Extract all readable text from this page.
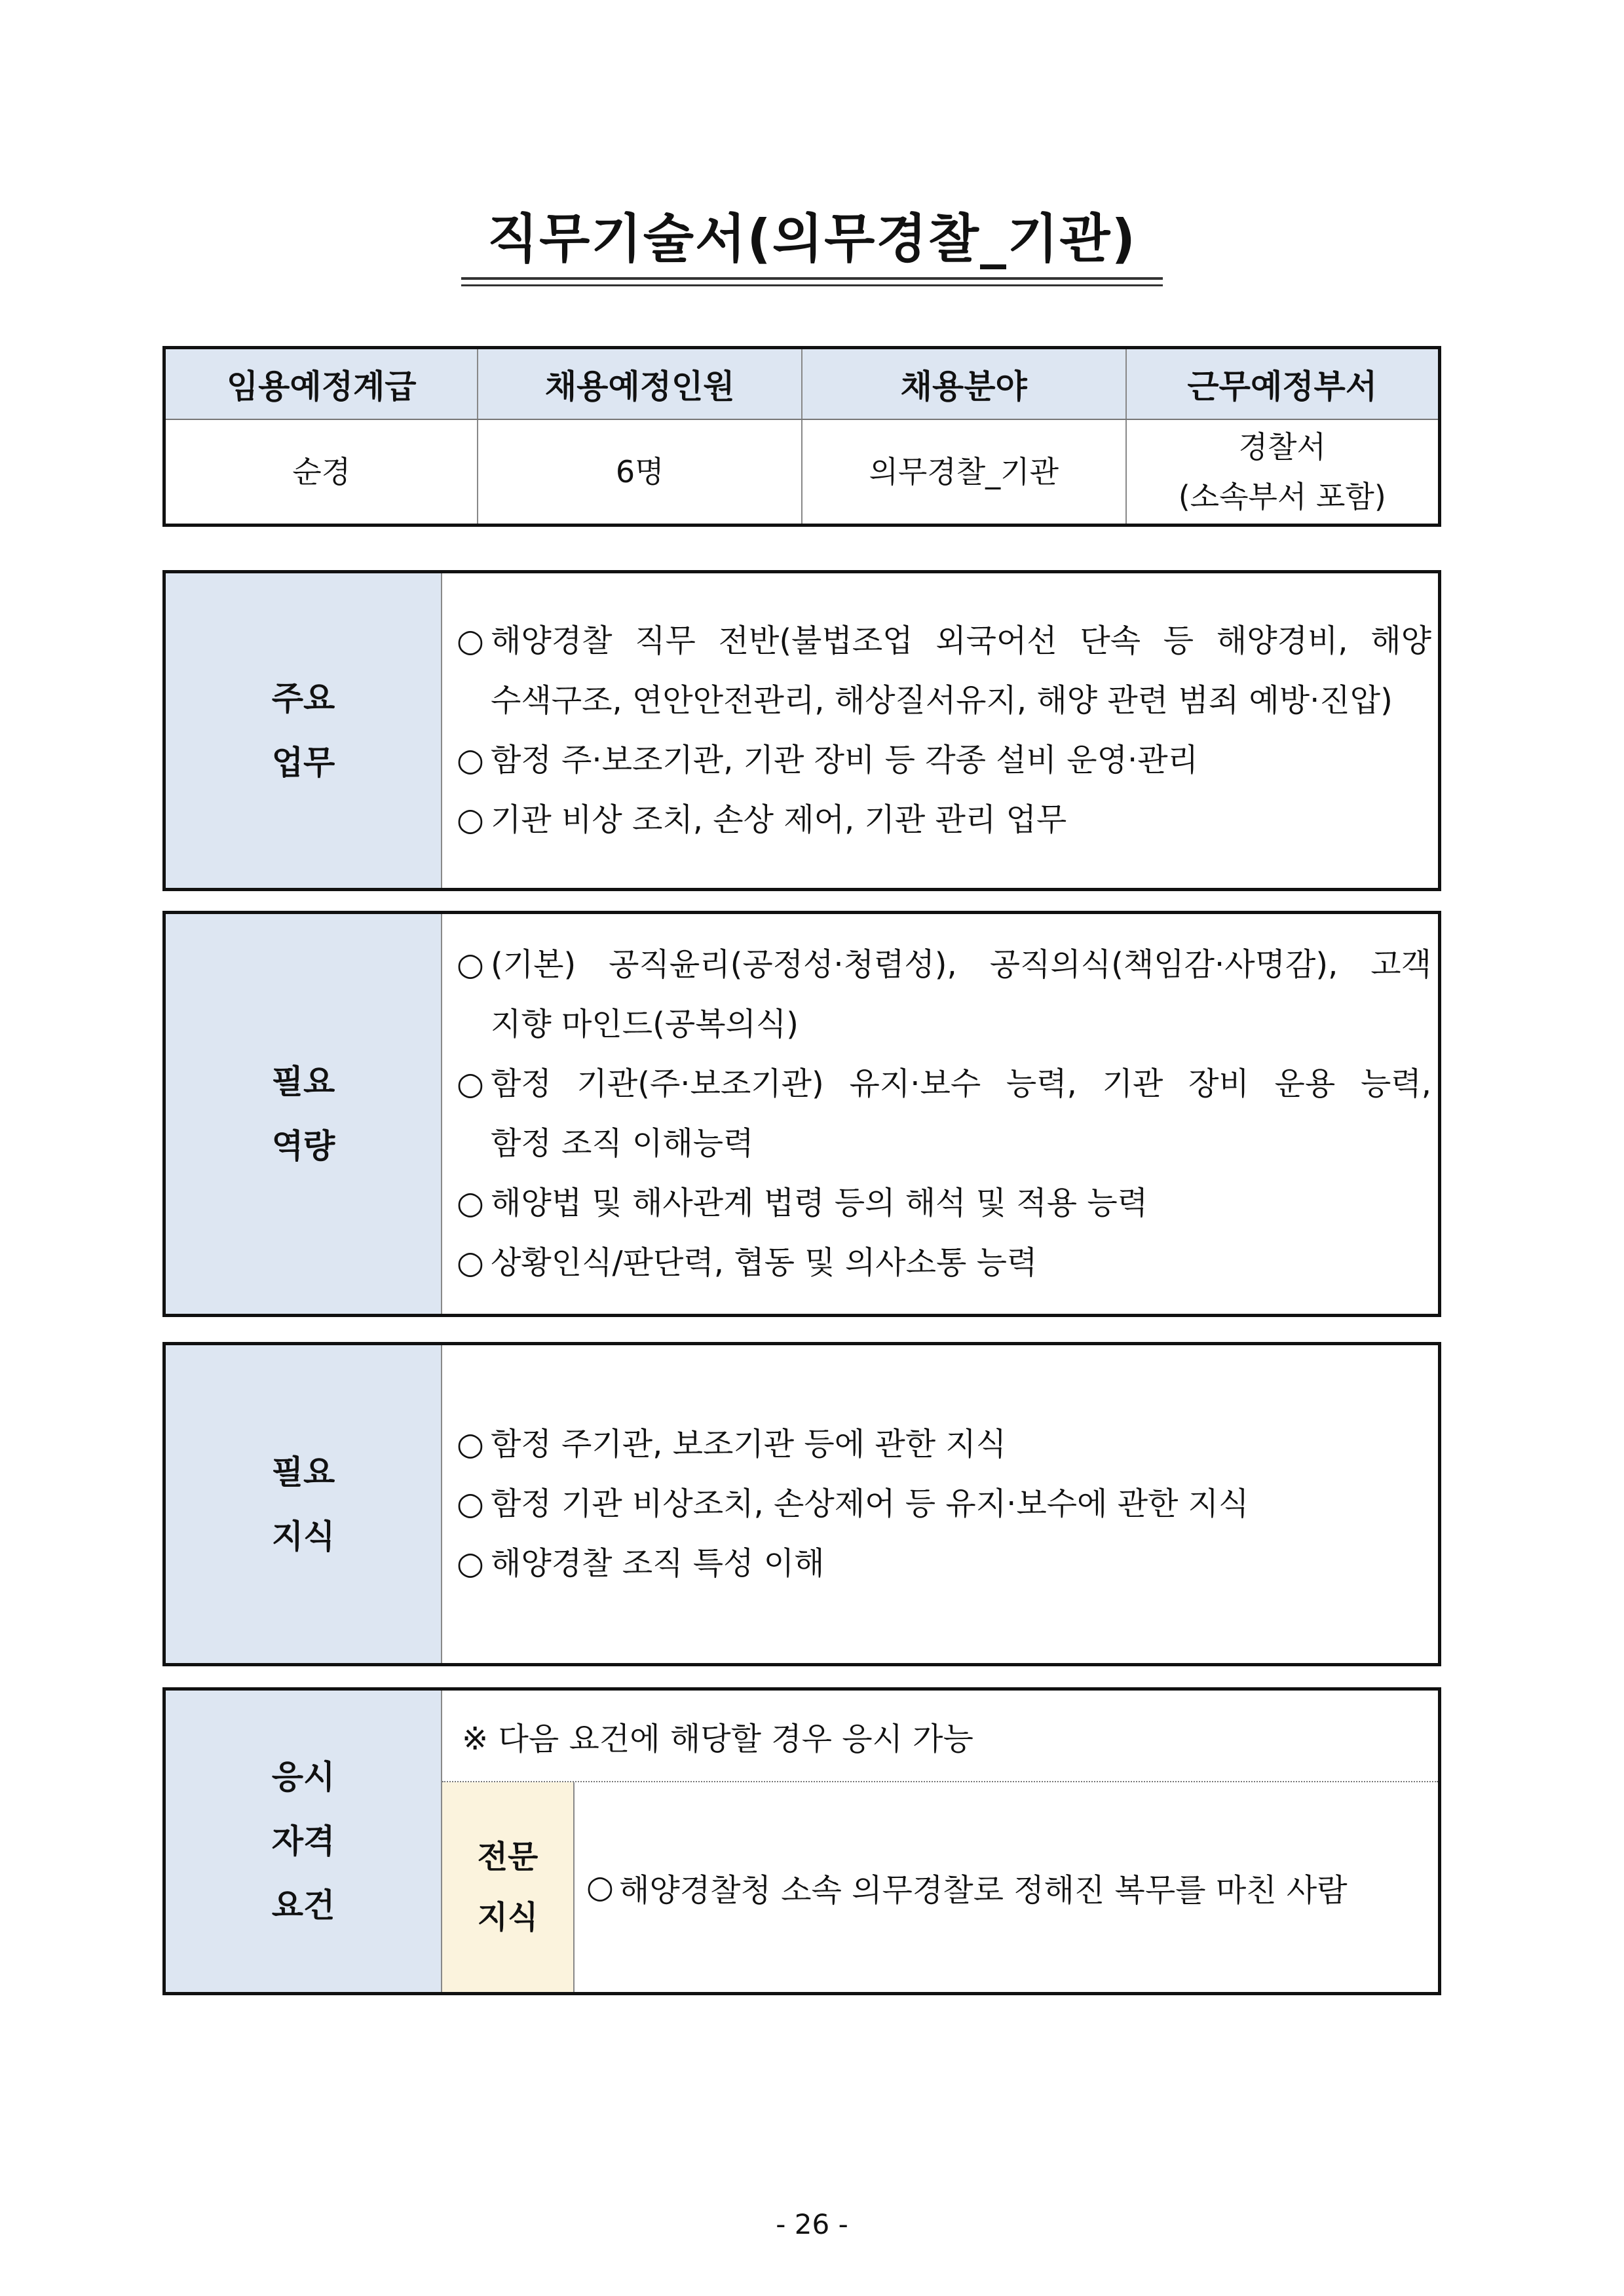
직무기술서(의무경찰_기관)
임용예정계급	채용예정인원	채용분야	근무예정부서
순경	6명	의무경찰_기관	경찰서
(소속부서 포함)
주요
업무
○ 해양경찰 직무 전반(불법조업 외국어선 단속 등 해양경비, 해양
수색구조, 연안안전관리, 해상질서유지, 해양 관련 범죄 예방·진압)
○ 함정 주·보조기관, 기관 장비 등 각종 설비 운영·관리
○ 기관 비상 조치, 손상 제어, 기관 관리 업무
필요
역량
○ (기본) 공직윤리(공정성·청렴성), 공직의식(책임감·사명감), 고객
지향 마인드(공복의식)
○ 함정 기관(주·보조기관) 유지·보수 능력, 기관 장비 운용 능력,
함정 조직 이해능력
○ 해양법 및 해사관계 법령 등의 해석 및 적용 능력
○ 상황인식/판단력, 협동 및 의사소통 능력
필요
지식
○ 함정 주기관, 보조기관 등에 관한 지식
○ 함정 기관 비상조치, 손상제어 등 유지·보수에 관한 지식
○ 해양경찰 조직 특성 이해
응시
자격
요건
※ 다음 요건에 해당할 경우 응시 가능
전문
지식
○ 해양경찰청 소속 의무경찰로 정해진 복무를 마친 사람
- 26 -
